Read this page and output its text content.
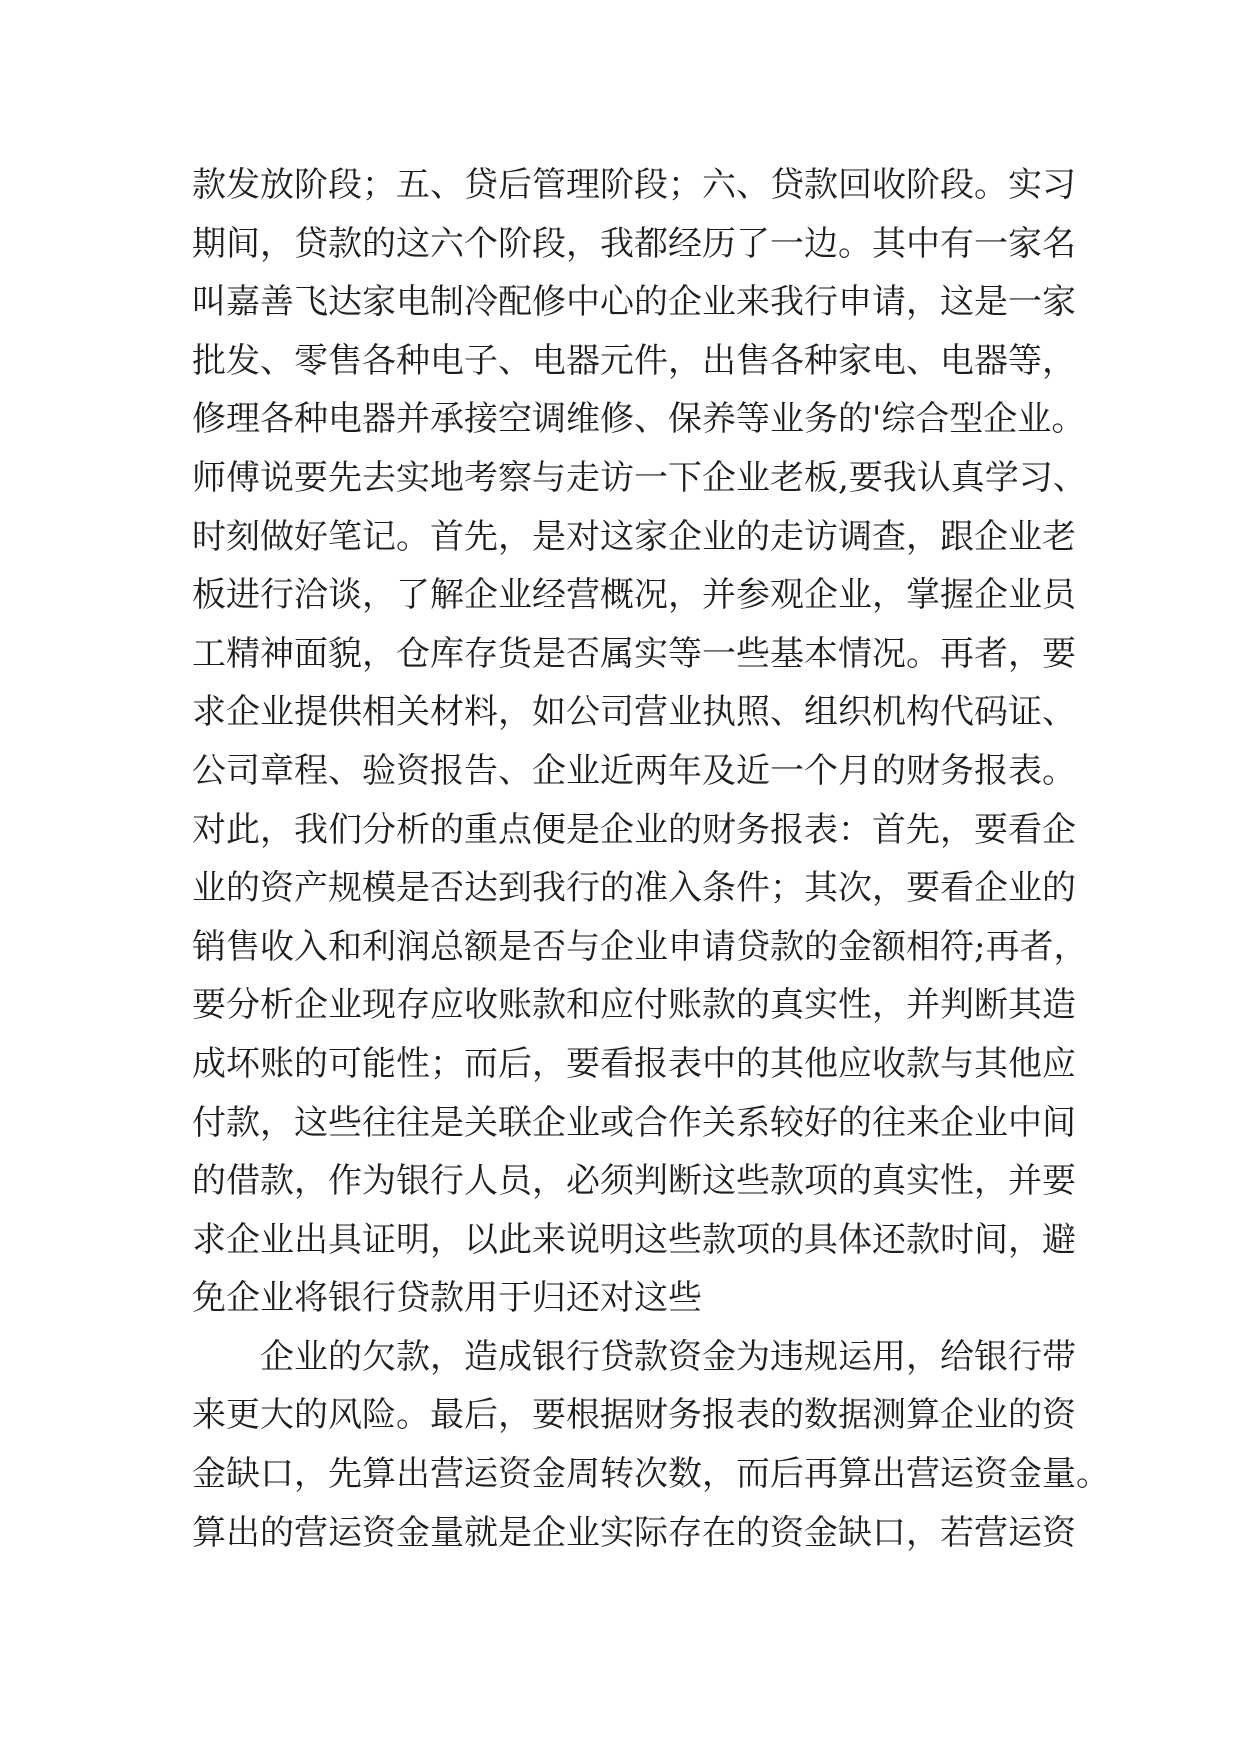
款发放阶段；五、贷后管理阶段；六、贷款回收阶段。实习
期间，贷款的这六个阶段，我都经历了一边。其中有一家名
叫嘉善飞达家电制冷配修中心的企业来我行申请，这是一家
批发、零售各种电子、电器元件，出售各种家电、电器等，
修理各种电器并承接空调维修、保养等业务的'综合型企业。
师傅说要先去实地考察与走访一下企业老板,要我认真学习、
时刻做好笔记。首先，是对这家企业的走访调查，跟企业老
板进行洽谈，了解企业经营概况，并参观企业，掌握企业员
工精神面貌，仓库存货是否属实等一些基本情况。再者，要
求企业提供相关材料，如公司营业执照、组织机构代码证、
公司章程、验资报告、企业近两年及近一个月的财务报表。
对此，我们分析的重点便是企业的财务报表：首先，要看企
业的资产规模是否达到我行的准入条件；其次，要看企业的
销售收入和利润总额是否与企业申请贷款的金额相符;再者，
要分析企业现存应收账款和应付账款的真实性，并判断其造
成坏账的可能性；而后，要看报表中的其他应收款与其他应
付款，这些往往是关联企业或合作关系较好的往来企业中间
的借款，作为银行人员，必须判断这些款项的真实性，并要
求企业出具证明，以此来说明这些款项的具体还款时间，避
免企业将银行贷款用于归还对这些
企业的欠款，造成银行贷款资金为违规运用，给银行带
来更大的风险。最后，要根据财务报表的数据测算企业的资
金缺口，先算出营运资金周转次数，而后再算出营运资金量。
算出的营运资金量就是企业实际存在的资金缺口，若营运资
